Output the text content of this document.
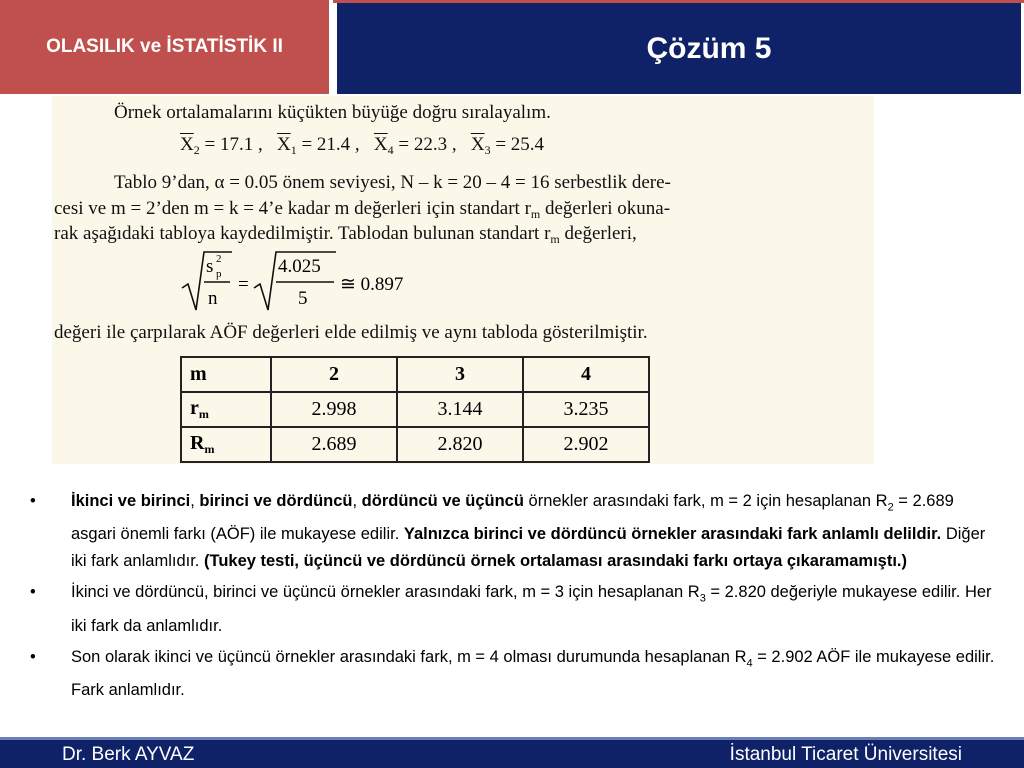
OLASILIK ve İSTATİSTİK II	Çözüm 5
Örnek ortalamalarını küçükten büyüğe doğru sıralayalım.
$\overline{X}_2 = 17.1$ , $\overline{X}_1 = 21.4$ , $\overline{X}_4 = 22.3$ , $\overline{X}_3 = 25.4$
Tablo 9’dan, α = 0.05 önem seviyesi, N – k = 20 – 4 = 16 serbestlik dere-
cesi ve m = 2’den m = k = 4’e kadar m değerleri için standart $r_m$ değerleri okuna-
rak aşağıdaki tabloya kaydedilmiştir. Tablodan bulunan standart $r_m$ değerleri,
s 2
p
n
=
4.025
5
≅ 0.897
değeri ile çarpılarak AÖF değerleri elde edilmiş ve aynı tabloda gösterilmiştir.
m	2	3	4
$r_m$	2.998	3.144	3.235
$R_m$	2.689	2.820	2.902
•	İkinci ve birinci, birinci ve dördüncü, dördüncü ve üçüncü örnekler arasındaki fark, m = 2 için hesaplanan $R_2 = 2.689$ asgari önemli farkı (AÖF) ile mukayese edilir. Yalnızca birinci ve dördüncü örnekler arasındaki fark anlamlı delildir. Diğer iki fark anlamlıdır. (Tukey testi, üçüncü ve dördüncü örnek ortalaması arasındaki farkı ortaya çıkaramamıştı.)
•	İkinci ve dördüncü, birinci ve üçüncü örnekler arasındaki fark, m = 3 için hesaplanan $R_3 = 2.820$ değeriyle mukayese edilir. Her iki fark da anlamlıdır.
•	Son olarak ikinci ve üçüncü örnekler arasındaki fark, m = 4 olması durumunda hesaplanan $R_4 = 2.902$ AÖF ile mukayese edilir. Fark anlamlıdır.
Dr. Berk AYVAZ	İstanbul Ticaret Üniversitesi
